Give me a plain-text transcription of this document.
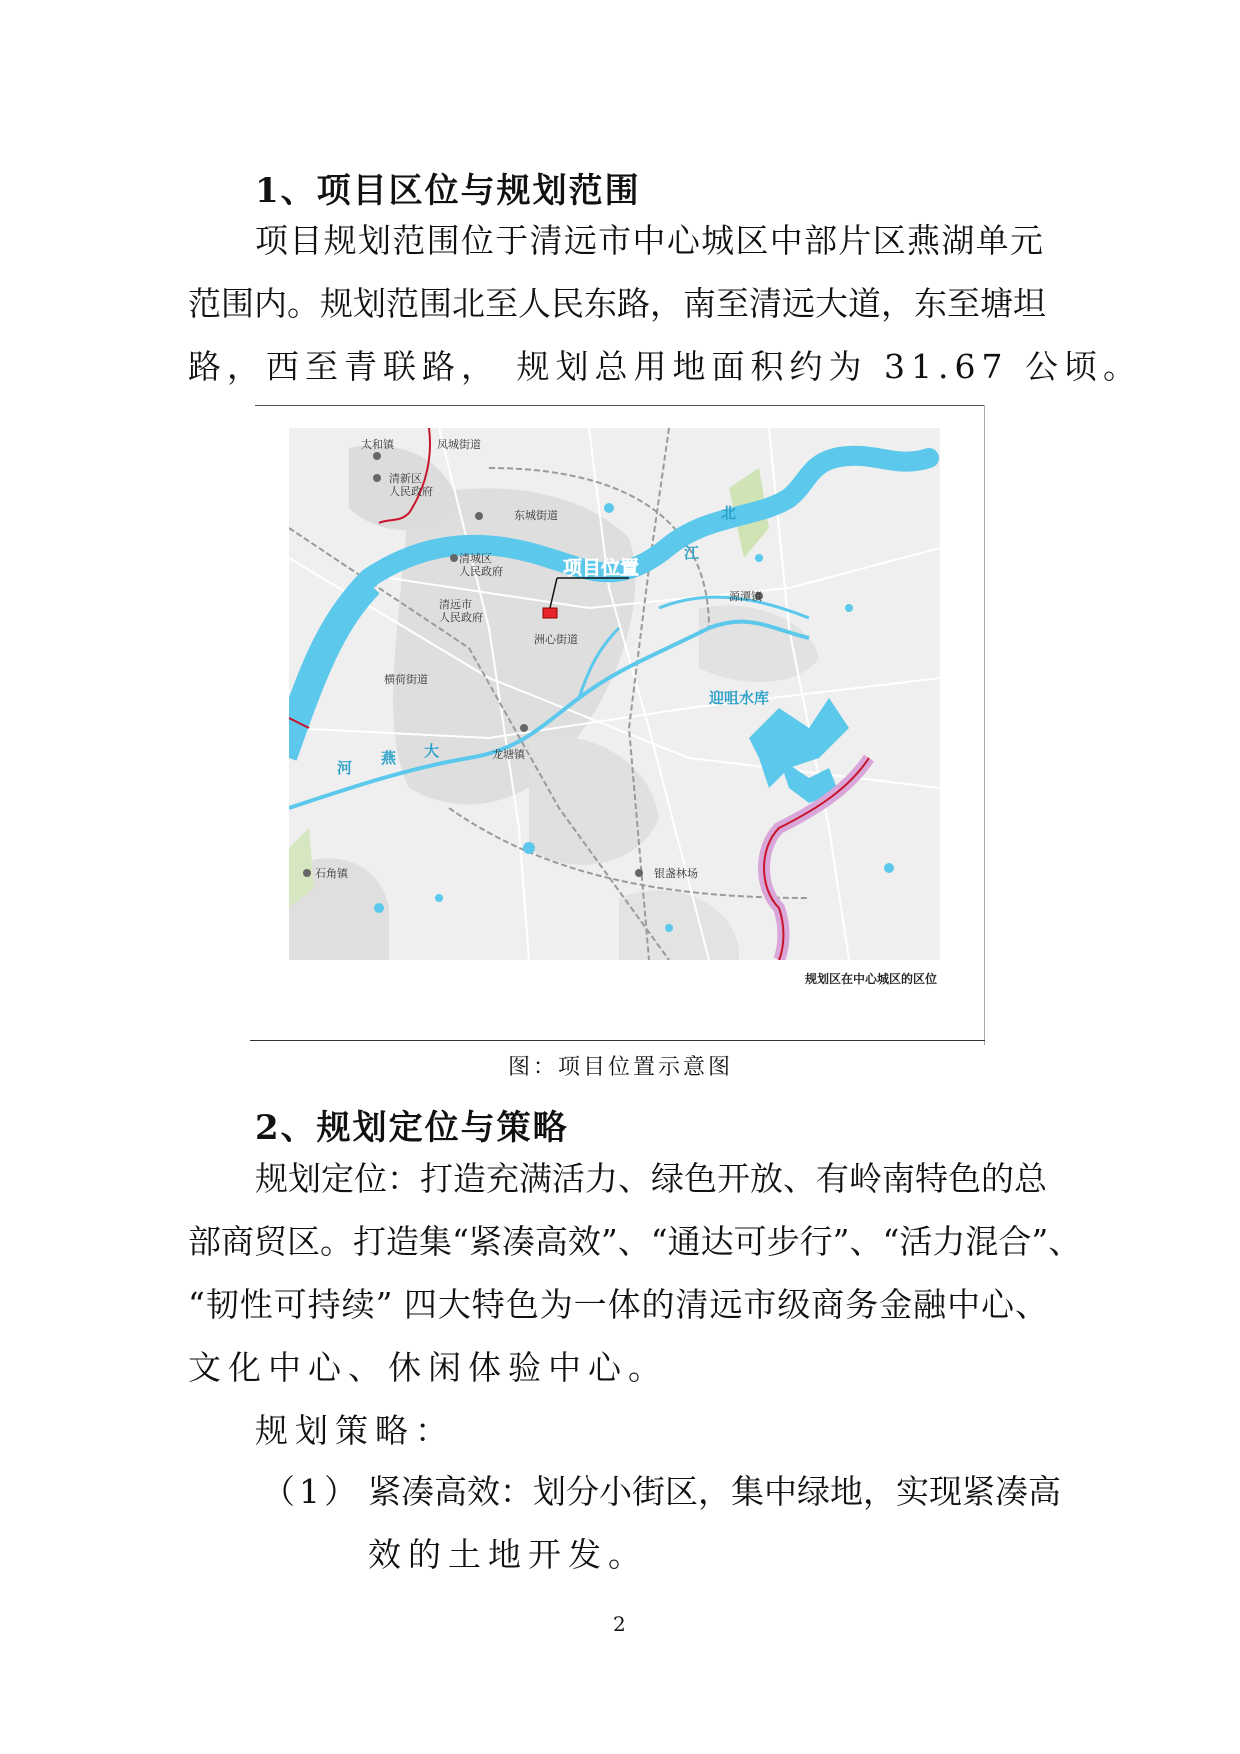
1、项目区位与规划范围
项目规划范围位于清远市中心城区中部片区燕湖单元
范围内。规划范围北至人民东路，南至清远大道，东至塘坦
路，西至青联路， 规划总用地面积约为 31.67 公顷。
太和镇	凤城街道
清新区人民政府
东城街道
清城区人民政府
清远市人民政府
洲心街道
源潭镇
横荷街道
龙塘镇
石角镇	银盏林场
北
江
迎咀水库
河
燕 大
项目位置
规划区在中心城区的区位
图：项目位置示意图
2、规划定位与策略
规划定位：打造充满活力、绿色开放、有岭南特色的总
部商贸区。打造集“紧凑高效”、“通达可步行”、“活力混合”、
“韧性可持续” 四大特色为一体的清远市级商务金融中心、
文化中心、休闲体验中心。
规划策略：
（1） 紧凑高效：划分小街区，集中绿地，实现紧凑高
效的土地开发。
2
